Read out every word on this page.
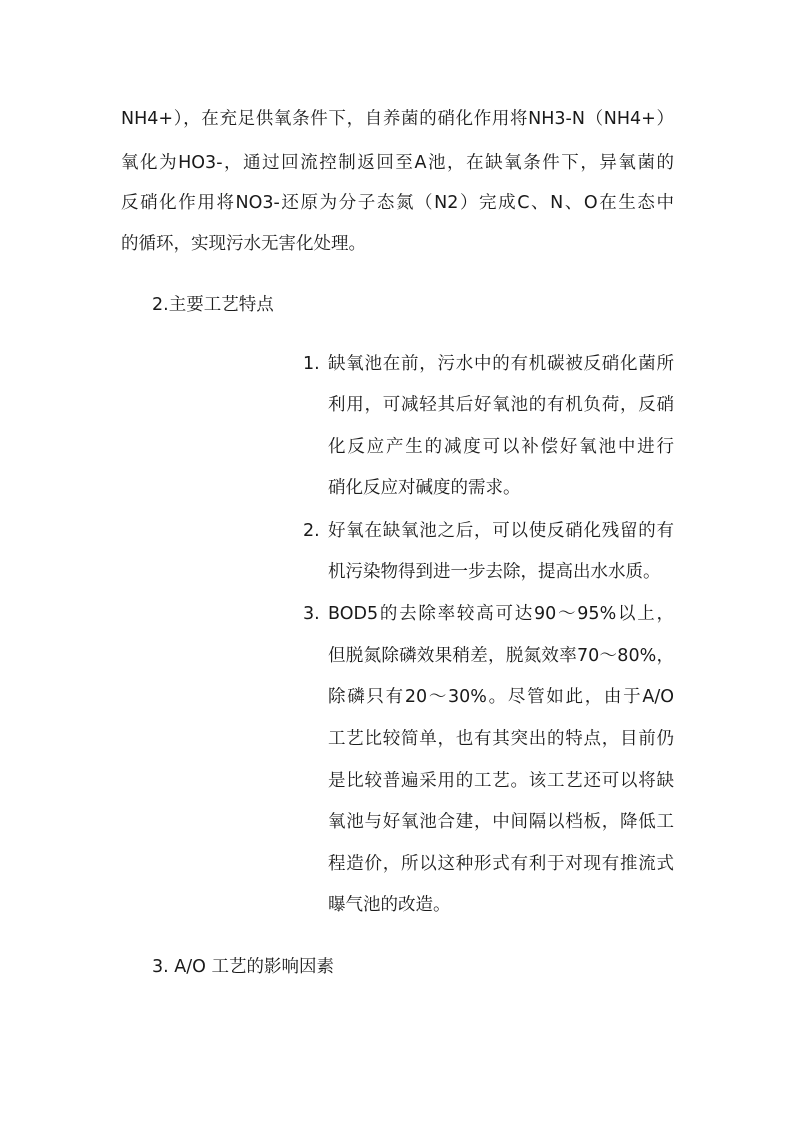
NH4+），在充足供氧条件下，自养菌的硝化作用将NH3-N（NH4+）
氧化为HO3-，通过回流控制返回至A池，在缺氧条件下，异氧菌的
反硝化作用将NO3-还原为分子态氮（N2）完成C、N、O在生态中
的循环，实现污水无害化处理。
2.主要工艺特点
1. 缺氧池在前，污水中的有机碳被反硝化菌所
利用，可减轻其后好氧池的有机负荷，反硝
化反应产生的减度可以补偿好氧池中进行
硝化反应对碱度的需求。
2. 好氧在缺氧池之后，可以使反硝化残留的有
机污染物得到进一步去除，提高出水水质。
3. BOD5的去除率较高可达90～95%以上，
但脱氮除磷效果稍差，脱氮效率70～80%，
除磷只有20～30%。尽管如此，由于A/O
工艺比较简单，也有其突出的特点，目前仍
是比较普遍采用的工艺。该工艺还可以将缺
氧池与好氧池合建，中间隔以档板，降低工
程造价，所以这种形式有利于对现有推流式
曝气池的改造。
3. A/O 工艺的影响因素
